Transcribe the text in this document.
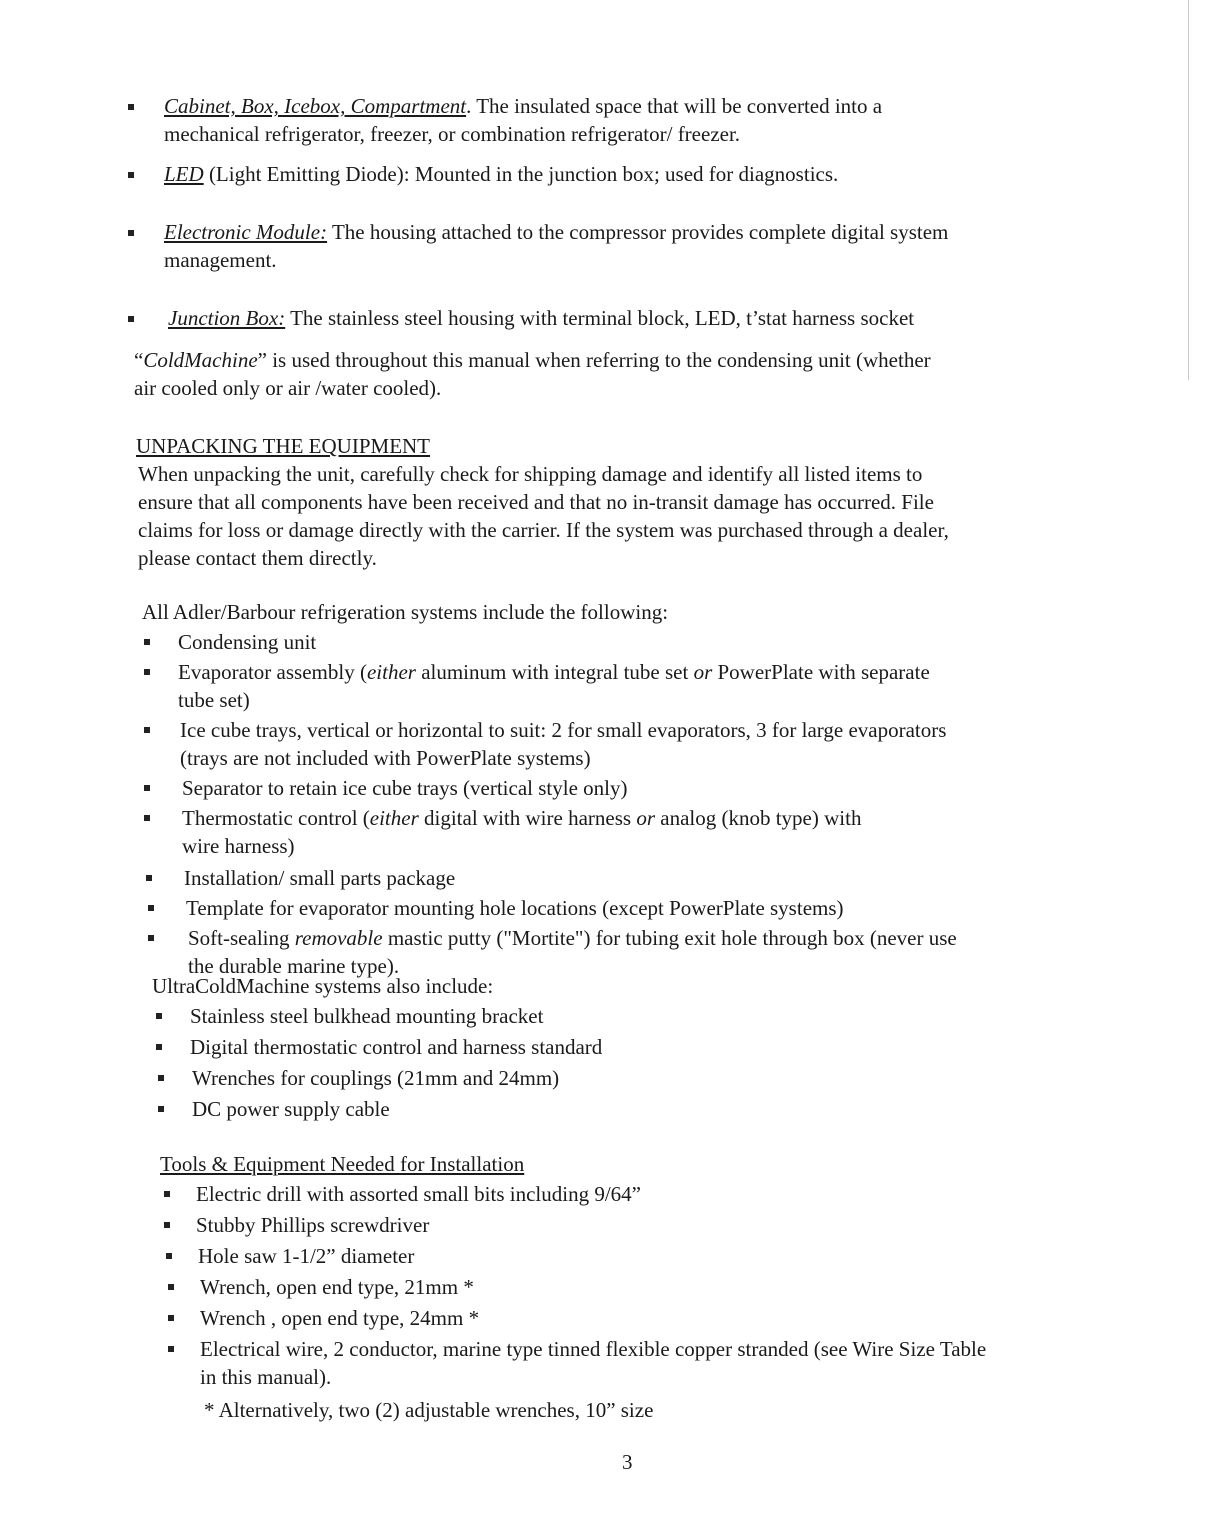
Cabinet, Box, Icebox, Compartment. The insulated space that will be converted into a
mechanical refrigerator, freezer, or combination refrigerator/ freezer.
LED (Light Emitting Diode): Mounted in the junction box; used for diagnostics.
Electronic Module: The housing attached to the compressor provides complete digital system
management.
Junction Box: The stainless steel housing with terminal block, LED, t’stat harness socket
“ColdMachine” is used throughout this manual when referring to the condensing unit (whether
air cooled only or air /water cooled).
UNPACKING THE EQUIPMENT
When unpacking the unit, carefully check for shipping damage and identify all listed items to
ensure that all components have been received and that no in-transit damage has occurred. File
claims for loss or damage directly with the carrier. If the system was purchased through a dealer,
please contact them directly.
All Adler/Barbour refrigeration systems include the following:
Condensing unit
Evaporator assembly (either aluminum with integral tube set or PowerPlate with separate
tube set)
Ice cube trays, vertical or horizontal to suit: 2 for small evaporators, 3 for large evaporators
(trays are not included with PowerPlate systems)
Separator to retain ice cube trays (vertical style only)
Thermostatic control (either digital with wire harness or analog (knob type) with
wire harness)
Installation/ small parts package
Template for evaporator mounting hole locations (except PowerPlate systems)
Soft-sealing removable mastic putty ("Mortite") for tubing exit hole through box (never use
the durable marine type).
UltraColdMachine systems also include:
Stainless steel bulkhead mounting bracket
Digital thermostatic control and harness standard
Wrenches for couplings (21mm and 24mm)
DC power supply cable
Tools & Equipment Needed for Installation
Electric drill with assorted small bits including 9/64”
Stubby Phillips screwdriver
Hole saw 1-1/2” diameter
Wrench, open end type, 21mm *
Wrench , open end type, 24mm *
Electrical wire, 2 conductor, marine type tinned flexible copper stranded (see Wire Size Table
in this manual).
* Alternatively, two (2) adjustable wrenches, 10” size
3
